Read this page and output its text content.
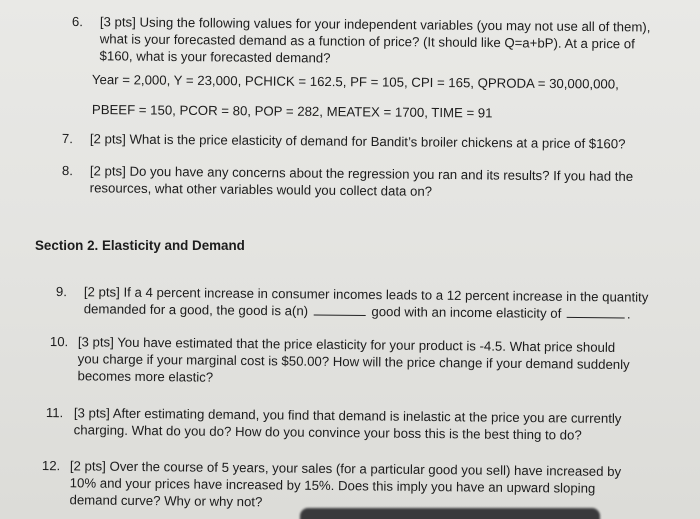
6. [3 pts] Using the following values for your independent variables (you may not use all of them),
what is your forecasted demand as a function of price? (It should like Q=a+bP). At a price of
$160, what is your forecasted demand?
Year = 2,000, Y = 23,000, PCHICK = 162.5, PF = 105, CPI = 165, QPRODA = 30,000,000,
PBEEF = 150, PCOR = 80, POP = 282, MEATEX = 1700, TIME = 91
7. [2 pts] What is the price elasticity of demand for Bandit’s broiler chickens at a price of $160?
8. [2 pts] Do you have any concerns about the regression you ran and its results? If you had the
resources, what other variables would you collect data on?
Section 2. Elasticity and Demand
9. [2 pts] If a 4 percent increase in consumer incomes leads to a 12 percent increase in the quantity
demanded for a good, the good is a(n)	good with an income elasticity of	.
10. [3 pts] You have estimated that the price elasticity for your product is -4.5. What price should
you charge if your marginal cost is $50.00? How will the price change if your demand suddenly
becomes more elastic?
11. [3 pts] After estimating demand, you find that demand is inelastic at the price you are currently
charging. What do you do? How do you convince your boss this is the best thing to do?
12. [2 pts] Over the course of 5 years, your sales (for a particular good you sell) have increased by
10% and your prices have increased by 15%. Does this imply you have an upward sloping
demand curve? Why or why not?
